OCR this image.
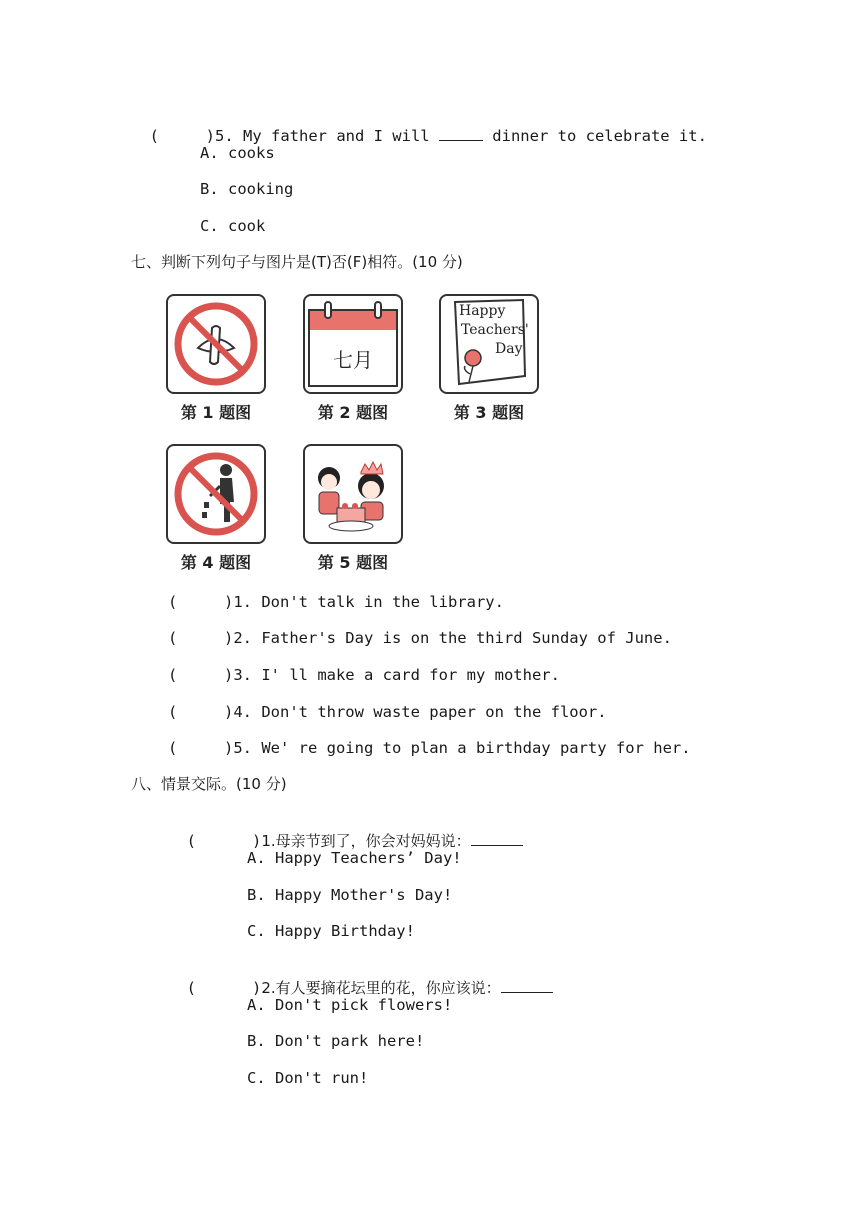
(     )5. My father and I will	dinner to celebrate it.

A. cooks
B. cooking
C. cook
七、判断下列句子与图片是(T)否(F)相符。(10 分)
第 1 题图
七月
第 2 题图
Happy
Teachers'
Day
第 3 题图
第 4 题图	第 5 题图
(     )1. Don't talk in the library.
(     )2. Father's Day is on the third Sunday of June.
(     )3. I' ll make a card for my mother.
(     )4. Don't throw waste paper on the floor.
(     )5. We' re going to plan a birthday party for her.
八、情景交际。(10 分)

(      )1.母亲节到了，你会对妈妈说：

A. Happy Teachers’ Day!
B. Happy Mother's Day!
C. Happy Birthday!

(      )2.有人要摘花坛里的花，你应该说：

A. Don't pick flowers!
B. Don't park here!
C. Don't run!
